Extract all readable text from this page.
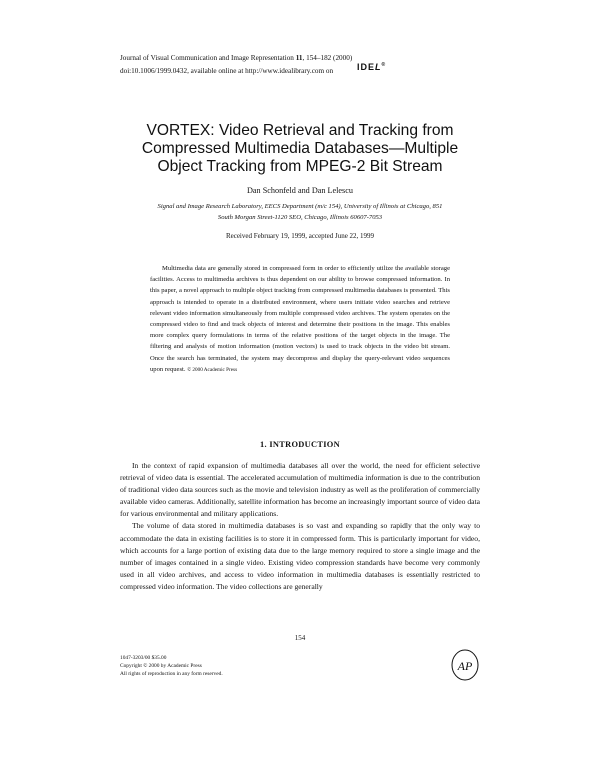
Journal of Visual Communication and Image Representation 11, 154–182 (2000)
doi:10.1006/1999.0432, available online at http://www.idealibrary.com on	IDEL®
VORTEX: Video Retrieval and Tracking from Compressed Multimedia Databases—Multiple Object Tracking from MPEG-2 Bit Stream
Dan Schonfeld and Dan Lelescu
Signal and Image Research Laboratory, EECS Department (m/c 154), University of Illinois at Chicago, 851 South Morgan Street-1120 SEO, Chicago, Illinois 60607-7053
Received February 19, 1999, accepted June 22, 1999

Multimedia data are generally stored in compressed form in order to efficiently utilize the available storage facilities. Access to multimedia archives is thus dependent on our ability to browse compressed information. In this paper, a novel approach to multiple object tracking from compressed multimedia databases is presented. This approach is intended to operate in a distributed environment, where users initiate video searches and retrieve relevant video information simultaneously from multiple compressed video archives. The system operates on the compressed video to find and track objects of interest and determine their positions in the image. This enables more complex query formulations in terms of the relative positions of the target objects in the image. The filtering and analysis of motion information (motion vectors) is used to track objects in the video bit stream. Once the search has terminated, the system may decompress and display the query-relevant video sequences upon request. © 2000 Academic Press

1. INTRODUCTION

In the context of rapid expansion of multimedia databases all over the world, the need for efficient selective retrieval of video data is essential. The accelerated accumulation of multimedia information is due to the contribution of traditional video data sources such as the movie and television industry as well as the proliferation of commercially available video cameras. Additionally, satellite information has become an increasingly important source of video data for various environmental and military applications.

The volume of data stored in multimedia databases is so vast and expanding so rapidly that the only way to accommodate the data in existing facilities is to store it in compressed form. This is particularly important for video, which accounts for a large portion of existing data due to the large memory required to store a single image and the number of images contained in a single video. Existing video compression standards have become very commonly used in all video archives, and access to video information in multimedia databases is essentially restricted to compressed video information. The video collections are generally

154
1047-3203/00 $35.00
Copyright © 2000 by Academic Press
All rights of reproduction in any form reserved.
AP
